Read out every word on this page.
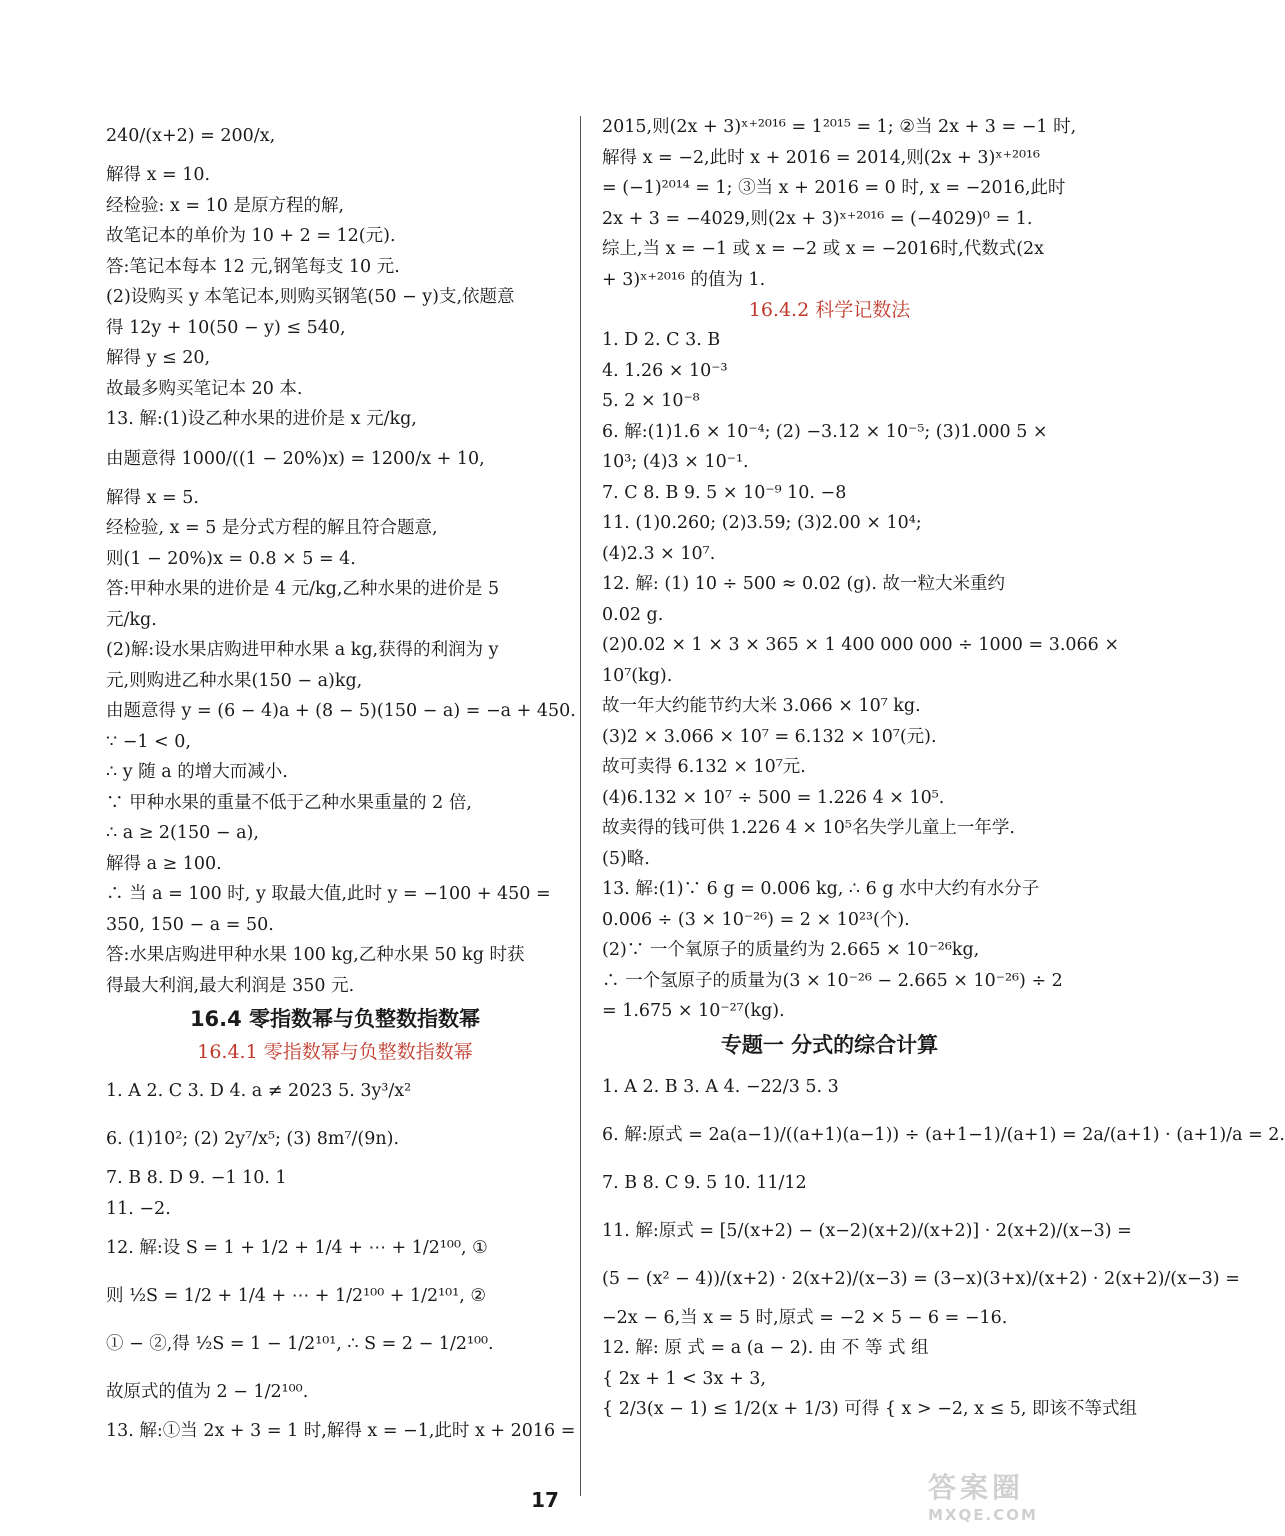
240/(x+2) = 200/x,
解得 x = 10.
经检验: x = 10 是原方程的解,
故笔记本的单价为 10 + 2 = 12(元).
答:笔记本每本 12 元,钢笔每支 10 元.
(2)设购买 y 本笔记本,则购买钢笔(50 − y)支,依题意
得 12y + 10(50 − y) ≤ 540,
解得 y ≤ 20,
故最多购买笔记本 20 本.
13. 解:(1)设乙种水果的进价是 x 元/kg,
由题意得 1000/((1 − 20%)x) = 1200/x + 10,
解得 x = 5.
经检验, x = 5 是分式方程的解且符合题意,
则(1 − 20%)x = 0.8 × 5 = 4.
答:甲种水果的进价是 4 元/kg,乙种水果的进价是 5
元/kg.
(2)解:设水果店购进甲种水果 a kg,获得的利润为 y
元,则购进乙种水果(150 − a)kg,
由题意得 y = (6 − 4)a + (8 − 5)(150 − a) = −a + 450.
∵ −1 < 0,
∴ y 随 a 的增大而减小.
∵ 甲种水果的重量不低于乙种水果重量的 2 倍,
∴ a ≥ 2(150 − a),
解得 a ≥ 100.
∴ 当 a = 100 时, y 取最大值,此时 y = −100 + 450 =
350, 150 − a = 50.
答:水果店购进甲种水果 100 kg,乙种水果 50 kg 时获
得最大利润,最大利润是 350 元.
16.4 零指数幂与负整数指数幂
16.4.1 零指数幂与负整数指数幂
1. A 2. C 3. D 4. a ≠ 2023 5. 3y³/x²
6. (1)10²; (2) 2y⁷/x⁵; (3) 8m⁷/(9n).
7. B 8. D 9. −1 10. 1
11. −2.
12. 解:设 S = 1 + 1/2 + 1/4 + ⋯ + 1/2¹⁰⁰, ①
则 ½S = 1/2 + 1/4 + ⋯ + 1/2¹⁰⁰ + 1/2¹⁰¹, ②
① − ②,得 ½S = 1 − 1/2¹⁰¹, ∴ S = 2 − 1/2¹⁰⁰.
故原式的值为 2 − 1/2¹⁰⁰.
13. 解:①当 2x + 3 = 1 时,解得 x = −1,此时 x + 2016 =
2015,则(2x + 3)ˣ⁺²⁰¹⁶ = 1²⁰¹⁵ = 1; ②当 2x + 3 = −1 时,
解得 x = −2,此时 x + 2016 = 2014,则(2x + 3)ˣ⁺²⁰¹⁶
= (−1)²⁰¹⁴ = 1; ③当 x + 2016 = 0 时, x = −2016,此时
2x + 3 = −4029,则(2x + 3)ˣ⁺²⁰¹⁶ = (−4029)⁰ = 1.
综上,当 x = −1 或 x = −2 或 x = −2016时,代数式(2x
+ 3)ˣ⁺²⁰¹⁶ 的值为 1.
16.4.2 科学记数法
1. D 2. C 3. B
4. 1.26 × 10⁻³
5. 2 × 10⁻⁸
6. 解:(1)1.6 × 10⁻⁴; (2) −3.12 × 10⁻⁵; (3)1.000 5 ×
10³; (4)3 × 10⁻¹.
7. C 8. B 9. 5 × 10⁻⁹ 10. −8
11. (1)0.260; (2)3.59; (3)2.00 × 10⁴;
(4)2.3 × 10⁷.
12. 解: (1) 10 ÷ 500 ≈ 0.02 (g). 故一粒大米重约
0.02 g.
(2)0.02 × 1 × 3 × 365 × 1 400 000 000 ÷ 1000 = 3.066 ×
10⁷(kg).
故一年大约能节约大米 3.066 × 10⁷ kg.
(3)2 × 3.066 × 10⁷ = 6.132 × 10⁷(元).
故可卖得 6.132 × 10⁷元.
(4)6.132 × 10⁷ ÷ 500 = 1.226 4 × 10⁵.
故卖得的钱可供 1.226 4 × 10⁵名失学儿童上一年学.
(5)略.
13. 解:(1)∵ 6 g = 0.006 kg, ∴ 6 g 水中大约有水分子
0.006 ÷ (3 × 10⁻²⁶) = 2 × 10²³(个).
(2)∵ 一个氧原子的质量约为 2.665 × 10⁻²⁶kg,
∴ 一个氢原子的质量为(3 × 10⁻²⁶ − 2.665 × 10⁻²⁶) ÷ 2
= 1.675 × 10⁻²⁷(kg).
专题一 分式的综合计算
1. A 2. B 3. A 4. −22/3 5. 3
6. 解:原式 = 2a(a−1)/((a+1)(a−1)) ÷ (a+1−1)/(a+1) = 2a/(a+1) · (a+1)/a = 2.
7. B 8. C 9. 5 10. 11/12
11. 解:原式 = [5/(x+2) − (x−2)(x+2)/(x+2)] · 2(x+2)/(x−3) =
(5 − (x² − 4))/(x+2) · 2(x+2)/(x−3) = (3−x)(3+x)/(x+2) · 2(x+2)/(x−3) =
−2x − 6,当 x = 5 时,原式 = −2 × 5 − 6 = −16.
12. 解: 原 式 = a (a − 2). 由 不 等 式 组
{ 2x + 1 < 3x + 3,
{ 2/3(x − 1) ≤ 1/2(x + 1/3) 可得 { x > −2, x ≤ 5, 即该不等式组
17	答案圈
MXQE.COM
